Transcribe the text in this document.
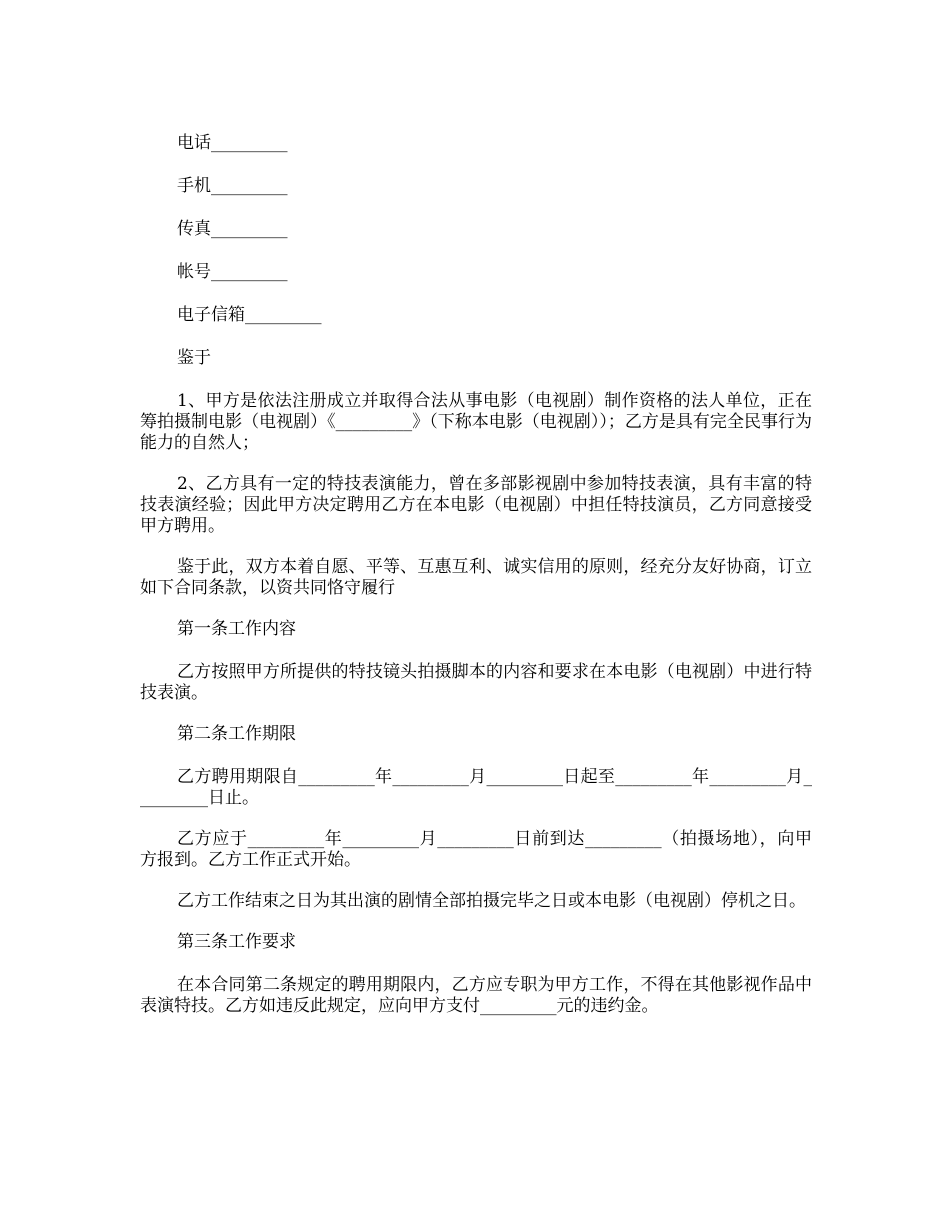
电话_________

手机_________

传真_________

帐号_________

电子信箱_________

鉴于

1、甲方是依法注册成立并取得合法从事电影（电视剧）制作资格的法人单位，正在筹拍摄制电影（电视剧）《_________》（下称本电影（电视剧））；乙方是具有完全民事行为能力的自然人；

2、乙方具有一定的特技表演能力，曾在多部影视剧中参加特技表演，具有丰富的特技表演经验；因此甲方决定聘用乙方在本电影（电视剧）中担任特技演员，乙方同意接受甲方聘用。

鉴于此，双方本着自愿、平等、互惠互利、诚实信用的原则，经充分友好协商，订立如下合同条款，以资共同恪守履行

第一条工作内容

乙方按照甲方所提供的特技镜头拍摄脚本的内容和要求在本电影（电视剧）中进行特技表演。

第二条工作期限

乙方聘用期限自_________年_________月_________日起至_________年_________月_________日止。

乙方应于_________年_________月_________日前到达_________（拍摄场地），向甲方报到。乙方工作正式开始。

乙方工作结束之日为其出演的剧情全部拍摄完毕之日或本电影（电视剧）停机之日。

第三条工作要求

在本合同第二条规定的聘用期限内，乙方应专职为甲方工作，不得在其他影视作品中表演特技。乙方如违反此规定，应向甲方支付_________元的违约金。
